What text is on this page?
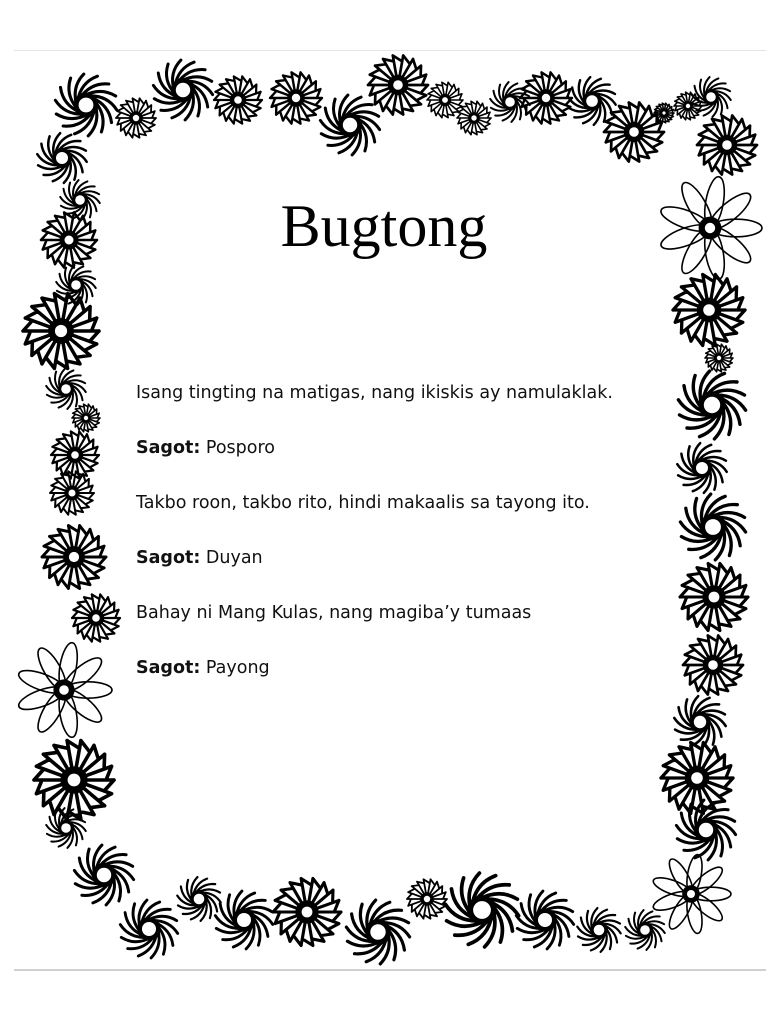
Bugtong
Isang tingting na matigas, nang ikiskis ay namulaklak.
Sagot: Posporo
Takbo roon, takbo rito, hindi makaalis sa tayong ito.
Sagot: Duyan
Bahay ni Mang Kulas, nang magiba’y tumaas
Sagot: Payong
